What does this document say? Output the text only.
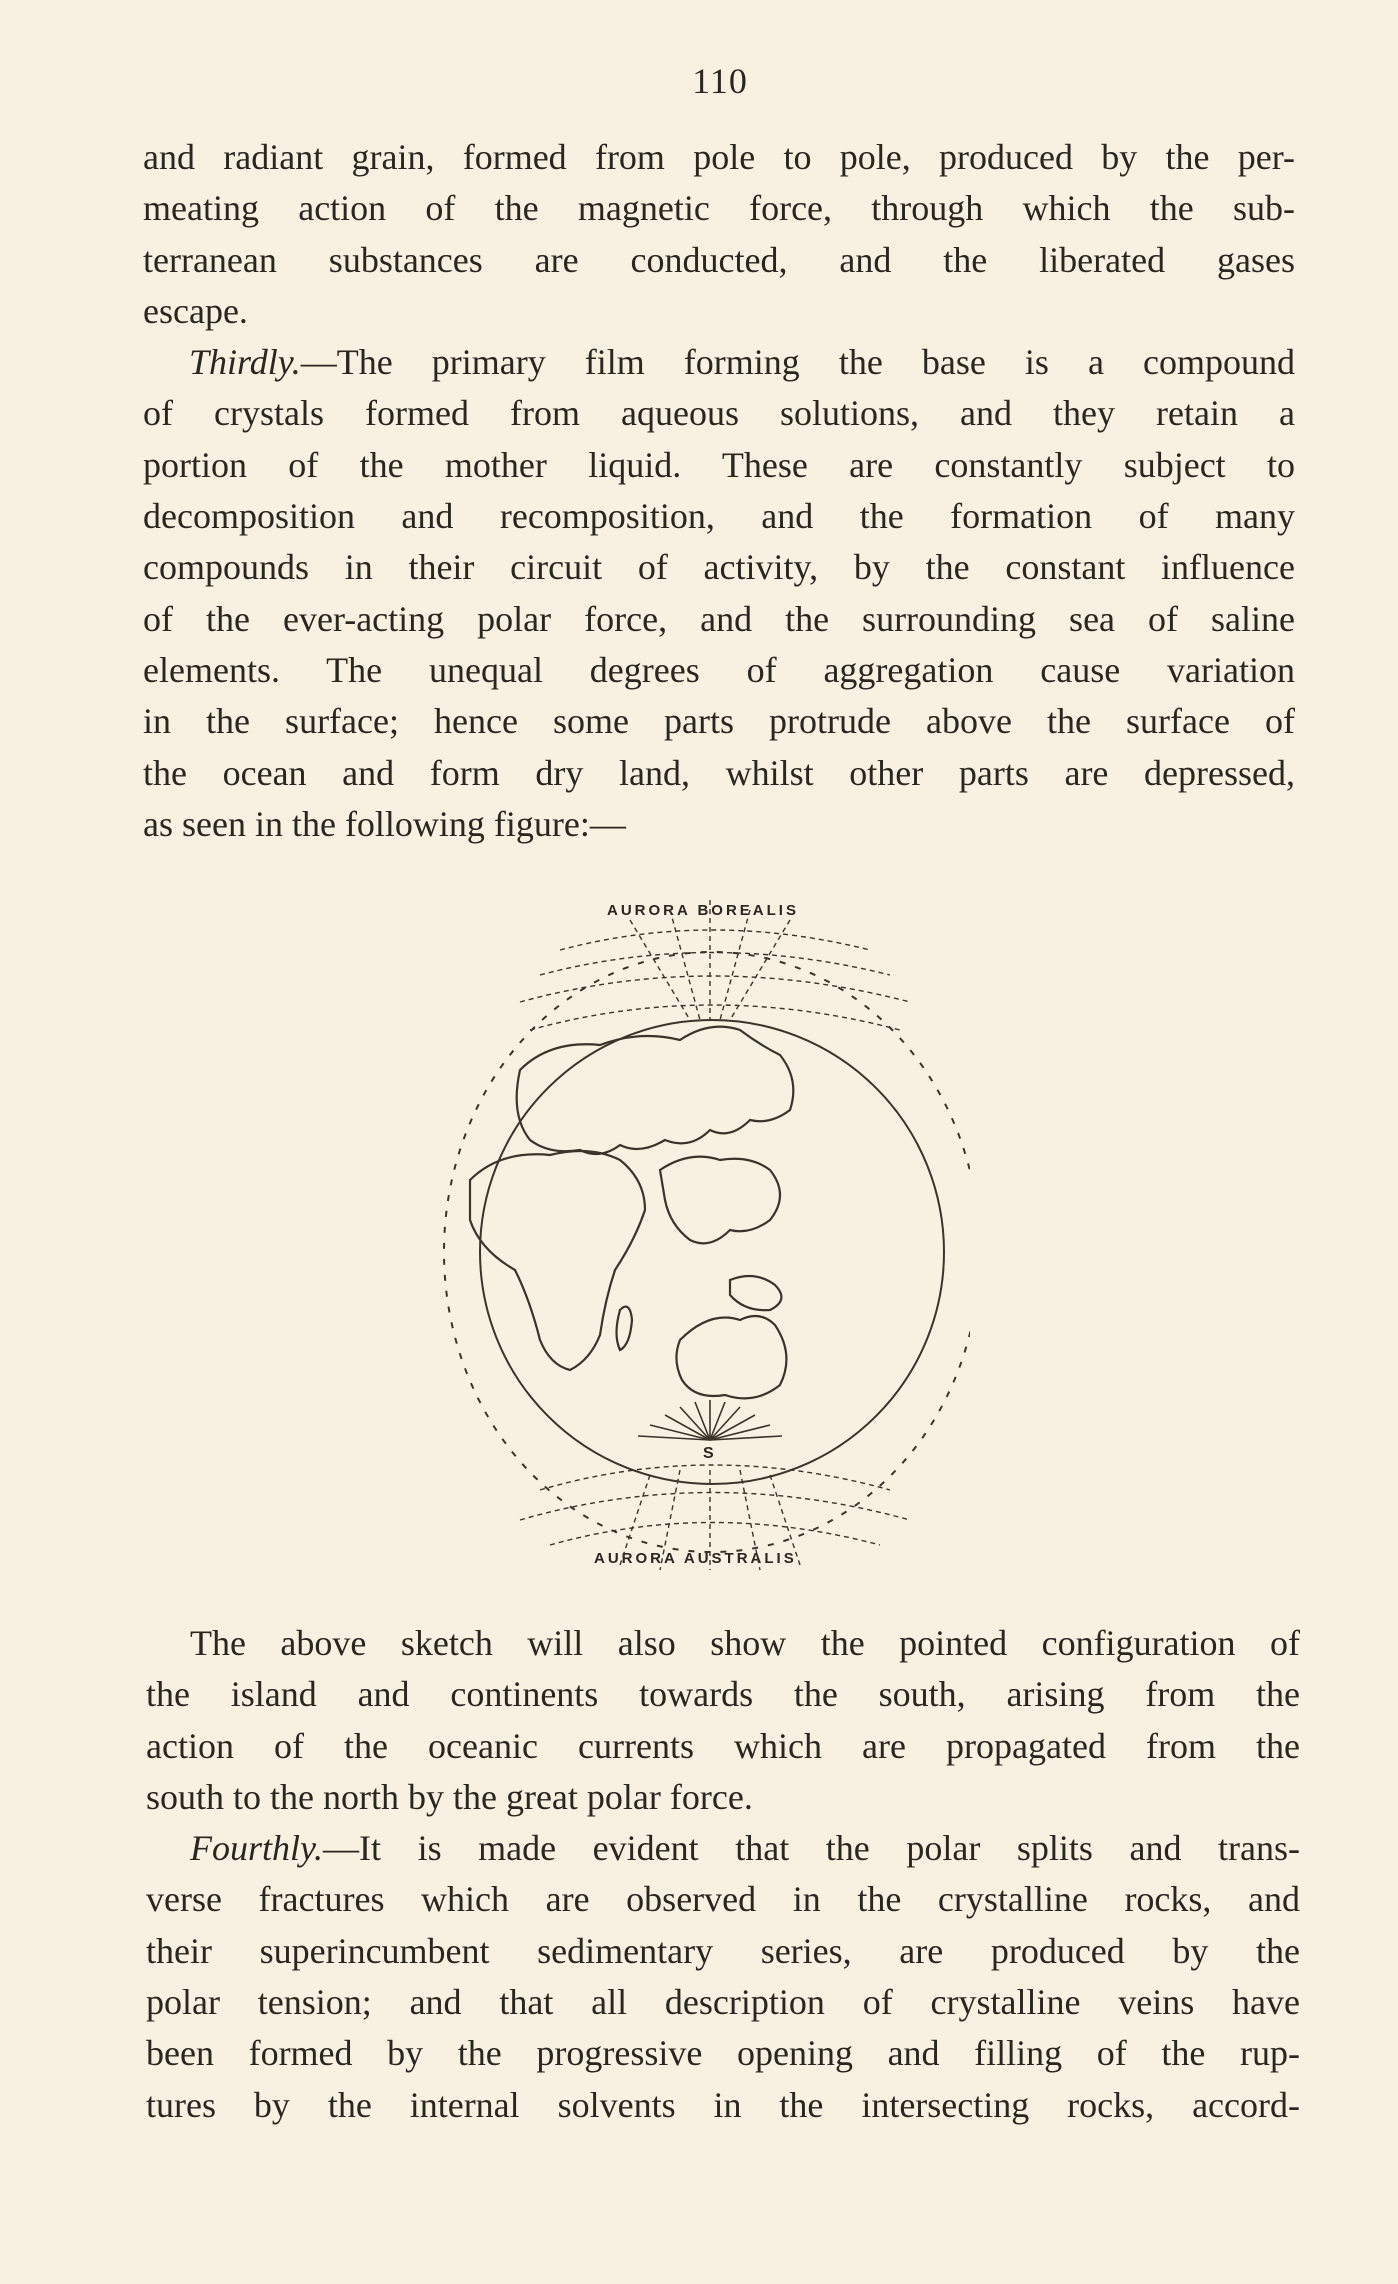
110
and radiant grain, formed from pole to pole, produced by the per-
meating action of the magnetic force, through which the sub-
terranean substances are conducted, and the liberated gases
escape.
Thirdly.—The primary film forming the base is a compound
of crystals formed from aqueous solutions, and they retain a
portion of the mother liquid. These are constantly subject to
decomposition and recomposition, and the formation of many
compounds in their circuit of activity, by the constant influence
of the ever-acting polar force, and the surrounding sea of saline
elements. The unequal degrees of aggregation cause variation
in the surface; hence some parts protrude above the surface of
the ocean and form dry land, whilst other parts are depressed,
as seen in the following figure:—
AURORA BOREALIS
AURORA AUSTRALIS
S
The above sketch will also show the pointed configuration of
the island and continents towards the south, arising from the
action of the oceanic currents which are propagated from the
south to the north by the great polar force.
Fourthly.—It is made evident that the polar splits and trans-
verse fractures which are observed in the crystalline rocks, and
their superincumbent sedimentary series, are produced by the
polar tension; and that all description of crystalline veins have
been formed by the progressive opening and filling of the rup-
tures by the internal solvents in the intersecting rocks, accord-
